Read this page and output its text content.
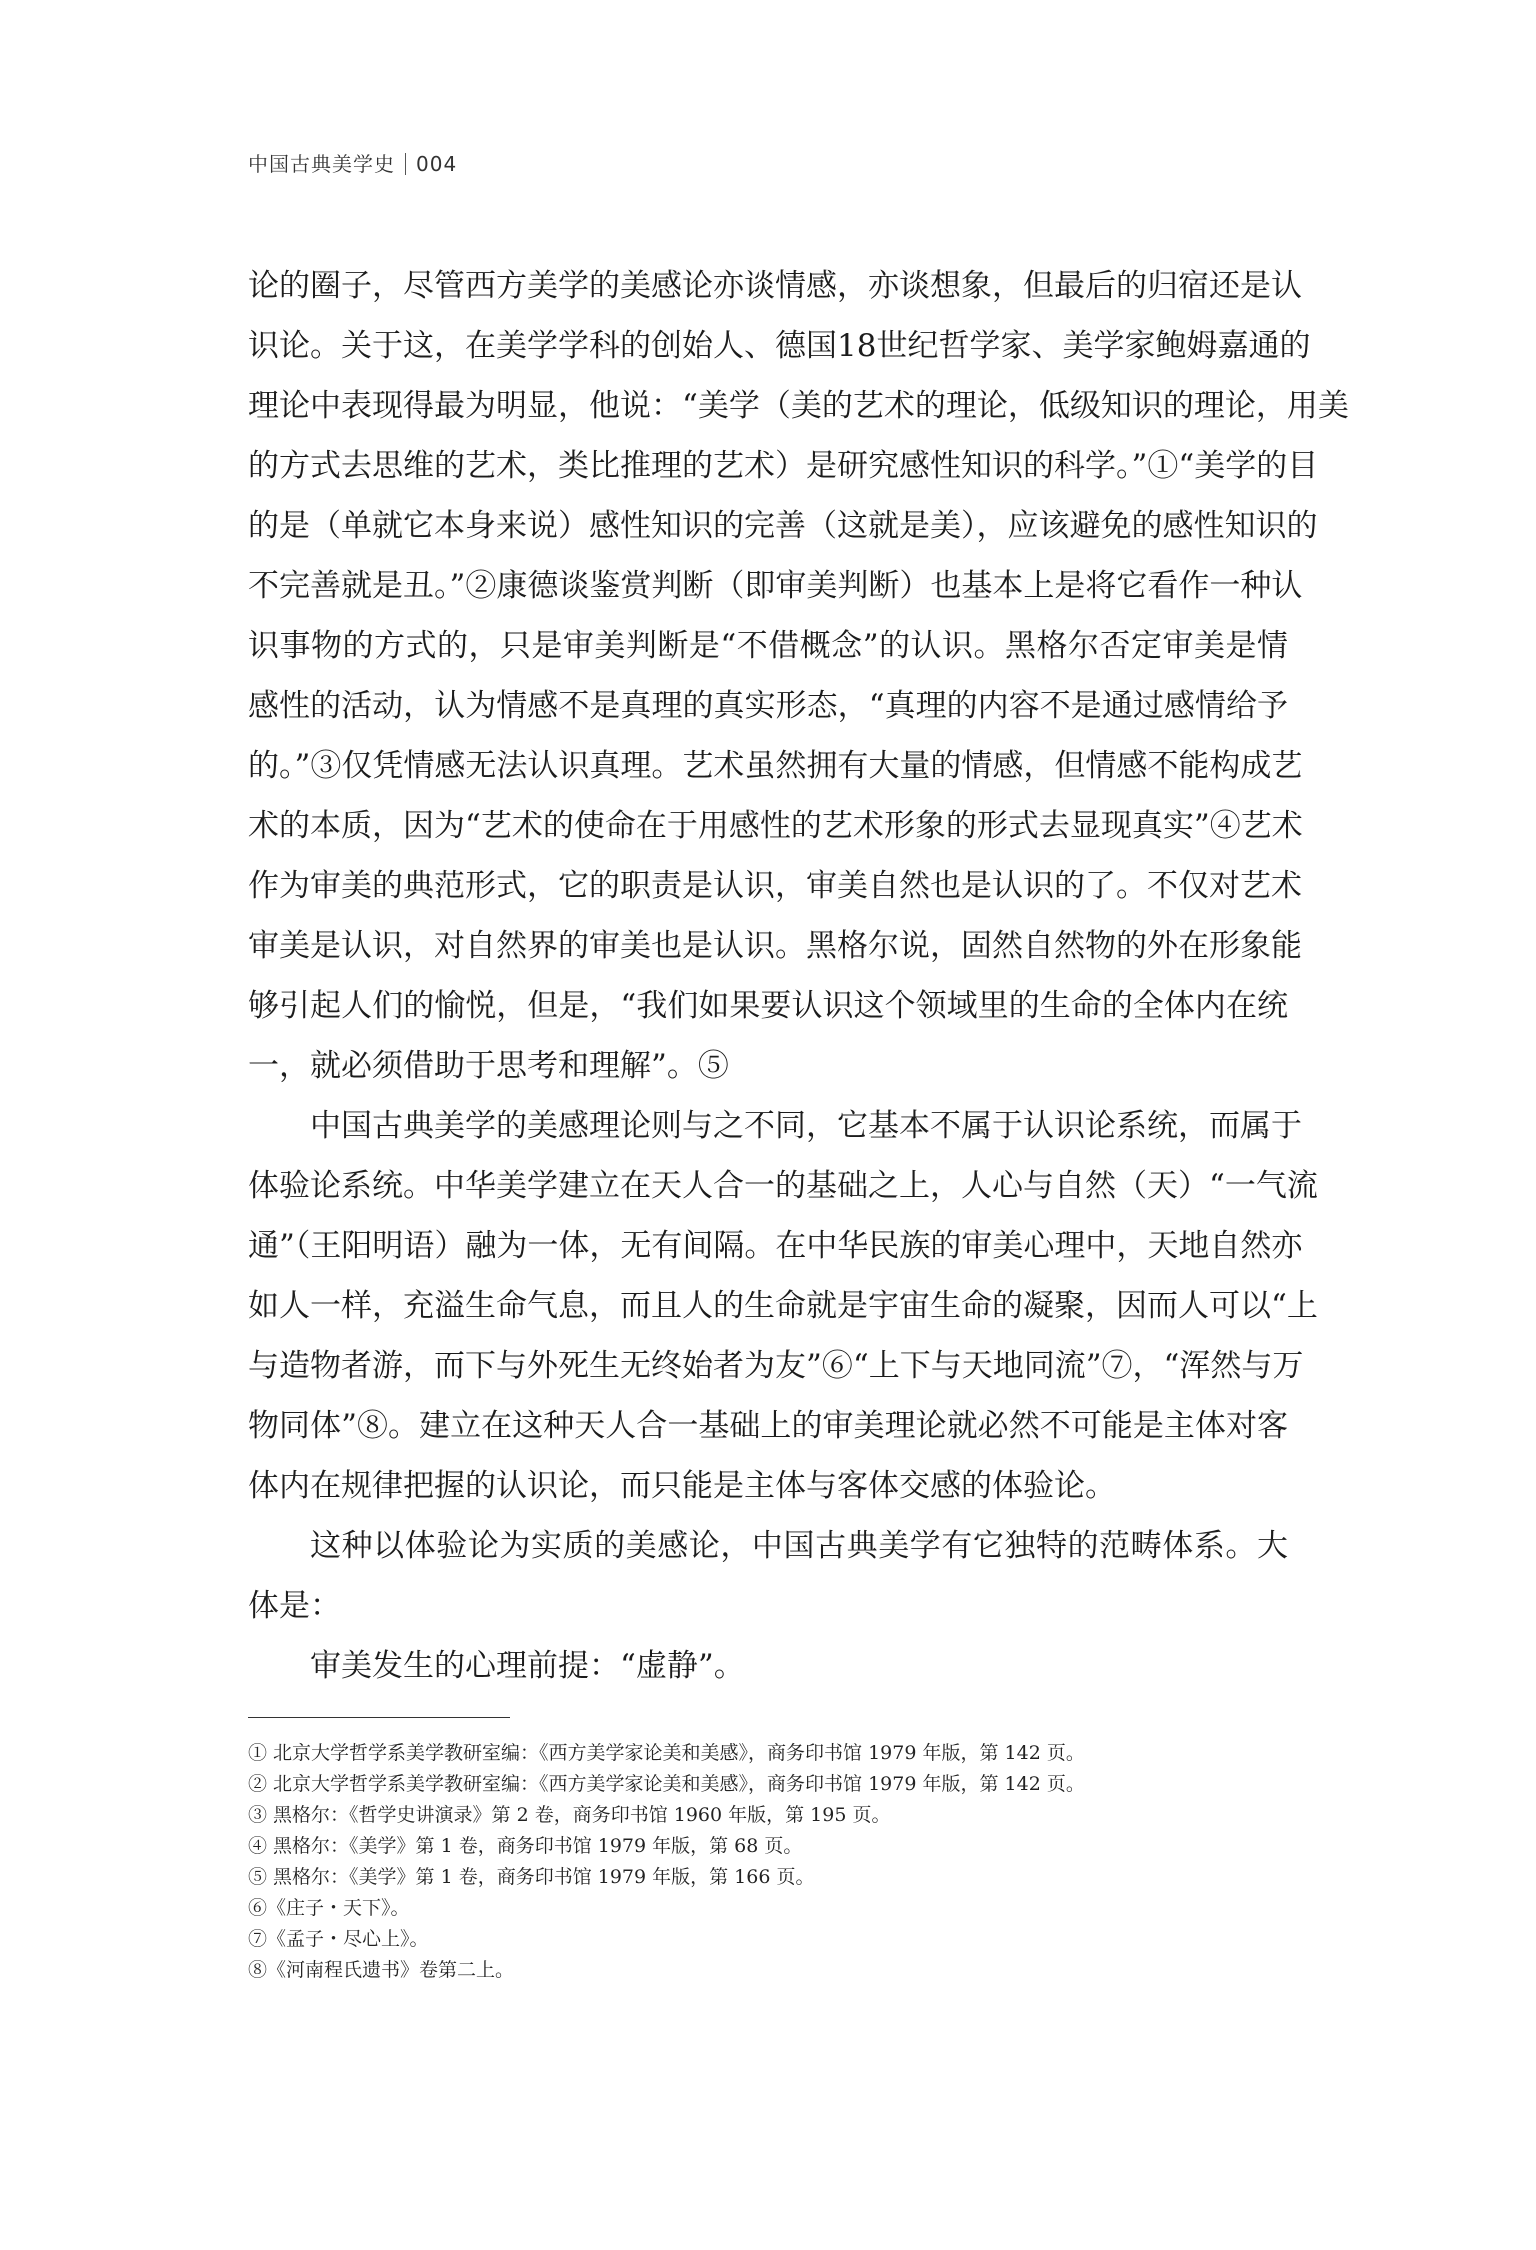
中国古典美学史 004
论的圈子，尽管西方美学的美感论亦谈情感，亦谈想象，但最后的归宿还是认
识论。关于这，在美学学科的创始人、德国18世纪哲学家、美学家鲍姆嘉通的
理论中表现得最为明显，他说：“美学（美的艺术的理论，低级知识的理论，用美
的方式去思维的艺术，类比推理的艺术）是研究感性知识的科学。”①“美学的目
的是（单就它本身来说）感性知识的完善（这就是美），应该避免的感性知识的
不完善就是丑。”②康德谈鉴赏判断（即审美判断）也基本上是将它看作一种认
识事物的方式的，只是审美判断是“不借概念”的认识。黑格尔否定审美是情
感性的活动，认为情感不是真理的真实形态，“真理的内容不是通过感情给予
的。”③仅凭情感无法认识真理。艺术虽然拥有大量的情感，但情感不能构成艺
术的本质，因为“艺术的使命在于用感性的艺术形象的形式去显现真实”④艺术
作为审美的典范形式，它的职责是认识，审美自然也是认识的了。不仅对艺术
审美是认识，对自然界的审美也是认识。黑格尔说，固然自然物的外在形象能
够引起人们的愉悦，但是，“我们如果要认识这个领域里的生命的全体内在统
一，就必须借助于思考和理解”。⑤
中国古典美学的美感理论则与之不同，它基本不属于认识论系统，而属于
体验论系统。中华美学建立在天人合一的基础之上，人心与自然（天）“一气流
通”（王阳明语）融为一体，无有间隔。在中华民族的审美心理中，天地自然亦
如人一样，充溢生命气息，而且人的生命就是宇宙生命的凝聚，因而人可以“上
与造物者游，而下与外死生无终始者为友”⑥“上下与天地同流”⑦，“浑然与万
物同体”⑧。建立在这种天人合一基础上的审美理论就必然不可能是主体对客
体内在规律把握的认识论，而只能是主体与客体交感的体验论。
这种以体验论为实质的美感论，中国古典美学有它独特的范畴体系。大
体是：
审美发生的心理前提：“虚静”。
① 北京大学哲学系美学教研室编：《西方美学家论美和美感》，商务印书馆 1979 年版，第 142 页。
② 北京大学哲学系美学教研室编：《西方美学家论美和美感》，商务印书馆 1979 年版，第 142 页。
③ 黑格尔：《哲学史讲演录》第 2 卷，商务印书馆 1960 年版，第 195 页。
④ 黑格尔：《美学》第 1 卷，商务印书馆 1979 年版，第 68 页。
⑤ 黑格尔：《美学》第 1 卷，商务印书馆 1979 年版，第 166 页。
⑥《庄子・天下》。
⑦《孟子・尽心上》。
⑧《河南程氏遗书》卷第二上。
